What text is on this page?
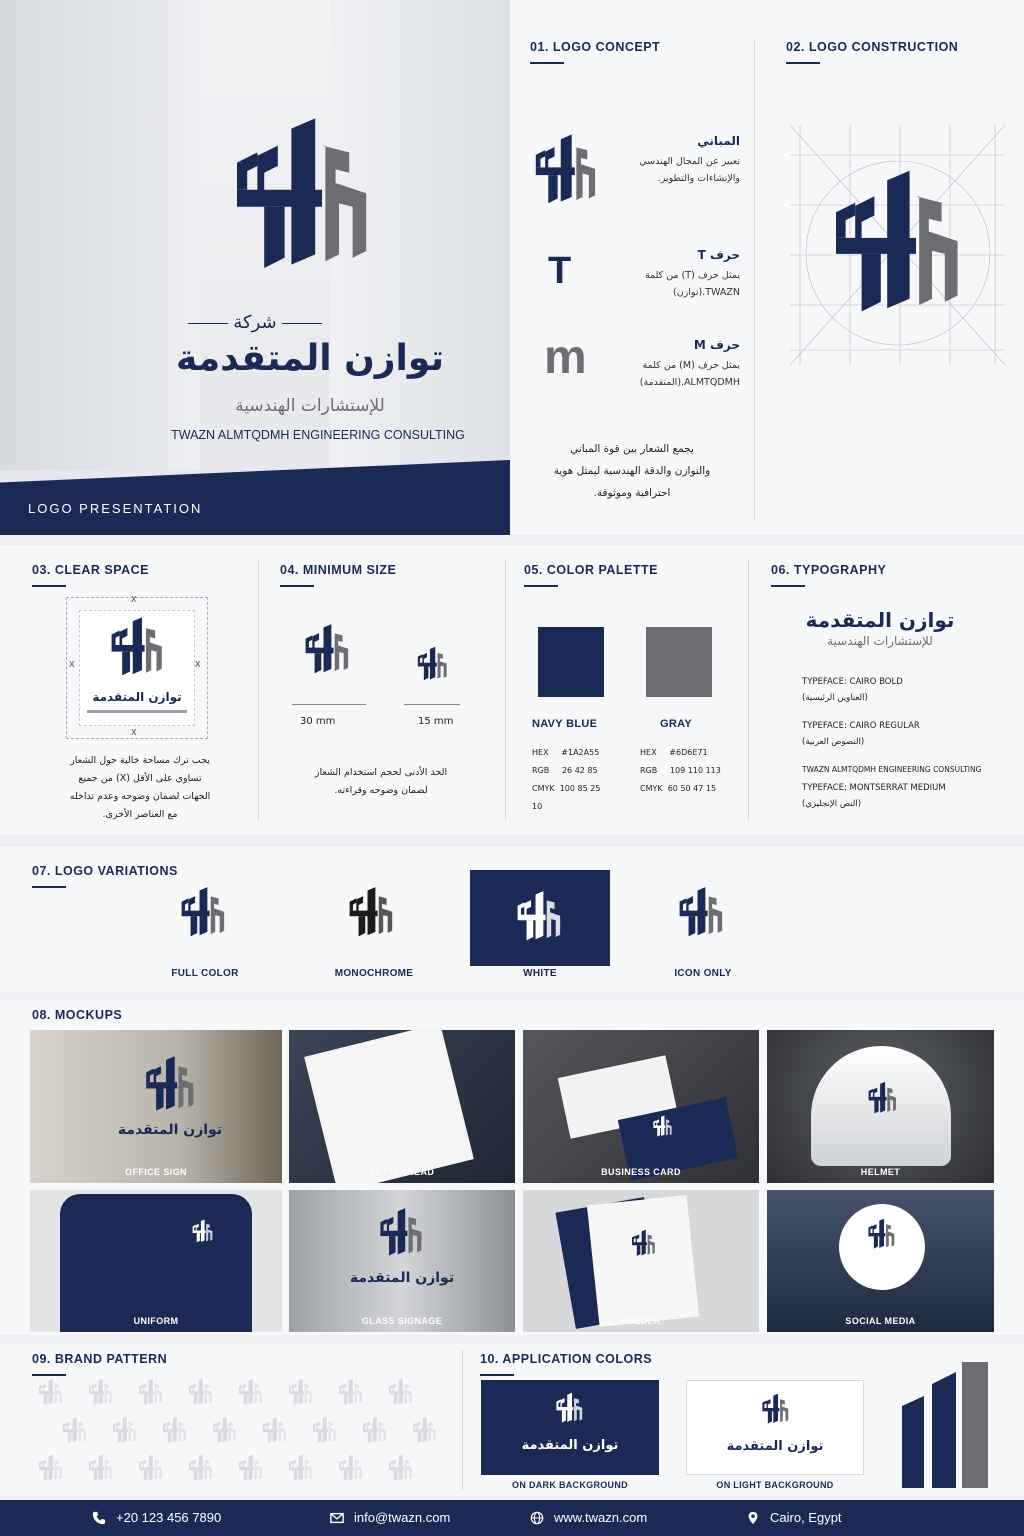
شركة
توازن المتقدمة
للإستشارات الهندسية
TWAZN ALMTQDMH ENGINEERING CONSULTING
LOGO PRESENTATION
01. LOGO CONCEPT
المباني
تعبير عن المجال الهندسي
والإنشاءات والتطوير.
T	حرف T
يمثل حرف (T) من كلمة
TWAZN.(توازن)
m	حرف M
يمثل حرف (M) من كلمة
ALMTQDMH.(المتقدمة)
يجمع الشعار بين قوة المباني
والتوازن والدقة الهندسية ليمثل هوية
احترافية وموثوقة.
02. LOGO CONSTRUCTION
03. CLEAR SPACE
توازن المتقدمة
X
X
X	X
يجب ترك مساحة خالية حول الشعار
تساوي على الأقل (X) من جميع
الجهات لضمان وضوحه وعدم تداخله
مع العناصر الأخرى.
04. MINIMUM SIZE
30 mm	15 mm
الحد الأدنى لحجم استخدام الشعار
لضمان وضوحه وقراءته.
05. COLOR PALETTE
NAVY BLUE
HEX #1A2A55
RGB 26 42 85
CMYK 100 85 25 10
GRAY
HEX #6D6E71
RGB 109 110 113
CMYK 60 50 47 15
06. TYPOGRAPHY
توازن المتقدمة
للإستشارات الهندسية
TYPEFACE: CAIRO BOLD
(العناوين الرئيسية)
TYPEFACE: CAIRO REGULAR
(النصوص العربية)
TWAZN ALMTQDMH ENGINEERING CONSULTING
TYPEFACE: MONTSERRAT MEDIUM
(النص الإنجليزي)
07. LOGO VARIATIONS
FULL COLOR	MONOCHROME	WHITE	ICON ONLY
08. MOCKUPS
توازن المتقدمة
OFFICE SIGN	LETTERHEAD	BUSINESS CARD	HELMET
UNIFORM
توازن المتقدمة
GLASS SIGNAGE	FOLDER	SOCIAL MEDIA
09. BRAND PATTERN	10. APPLICATION COLORS
توازن المتقدمة	توازن المتقدمة
ON DARK BACKGROUND	ON LIGHT BACKGROUND
+20 123 456 7890	info@twazn.com	www.twazn.com	Cairo, Egypt
